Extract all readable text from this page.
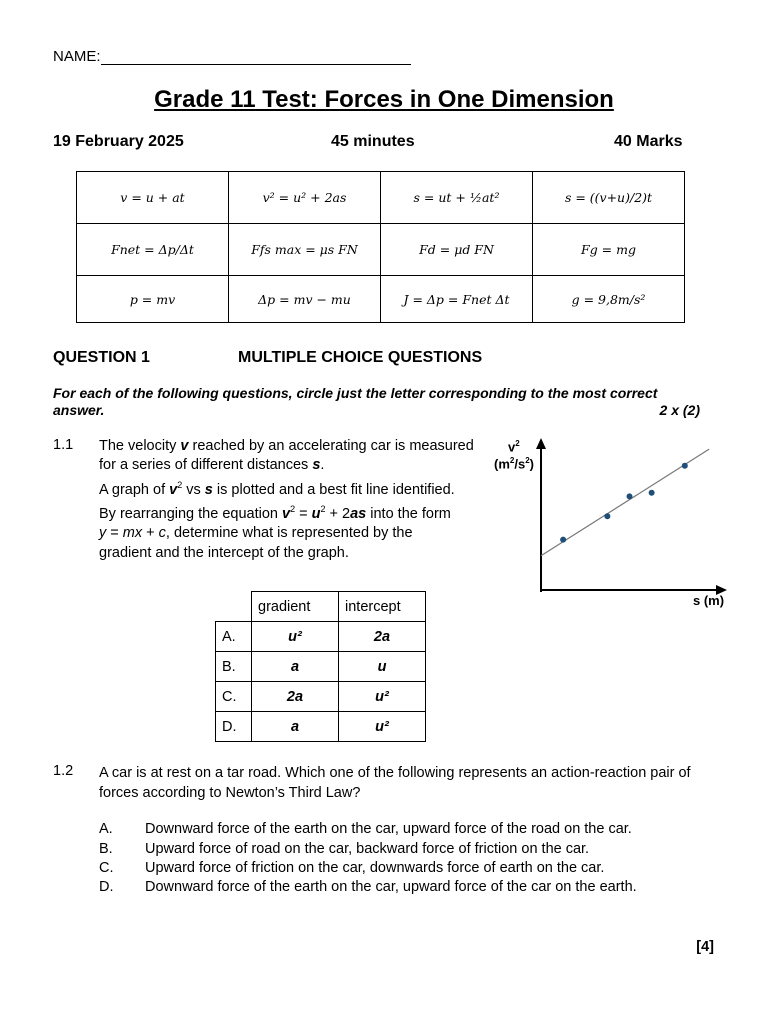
NAME:
Grade 11 Test: Forces in One Dimension
19 February 2025	45 minutes	40 Marks
v = u + at	v² = u² + 2as	s = ut + ½at²	s = ((v+u)/2)t
Fnet = Δp/Δt	Ffs max = μs FN	Fd = μd FN	Fg = mg
p = mv	Δp = mv − mu	J = Δp = Fnet Δt	g = 9,8m/s²
QUESTION 1	MULTIPLE CHOICE QUESTIONS
For each of the following questions, circle just the letter corresponding to the most correct answer.	2 x (2)
1.1 The velocity v reached by an accelerating car is measured for a series of different distances s.
A graph of $v^2$ vs s is plotted and a best fit line identified.
By rearranging the equation $v^2 = u^2 + 2as$ into the form
y = mx + c, determine what is represented by the
gradient and the intercept of the graph.
$v^2$
$(m^2/s^2)$
s (m)
	gradient	intercept
A.	u²	2a
B.	a	u
C.	2a	u²
D.	a	u²
1.2 A car is at rest on a tar road. Which one of the following represents an action-reaction pair of forces according to Newton’s Third Law?
A. Downward force of the earth on the car, upward force of the road on the car.
B. Upward force of road on the car, backward force of friction on the car.
C. Upward force of friction on the car, downwards force of earth on the car.
D. Downward force of the earth on the car, upward force of the car on the earth.
[4]
